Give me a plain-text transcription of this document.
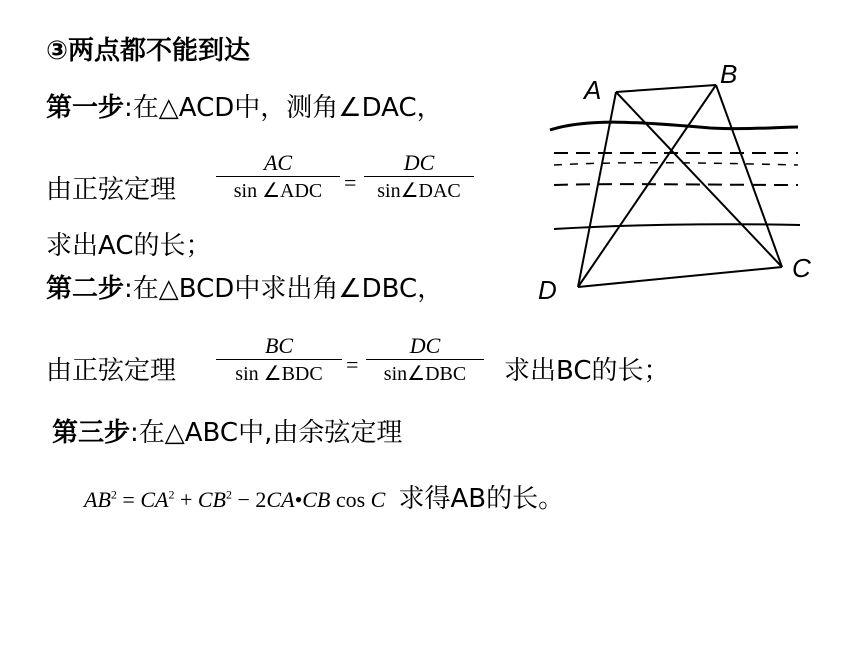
③两点都不能到达
第一步:在△ACD中，测角∠DAC，
由正弦定理
AC
sin ∠ADC =
DC
sin∠DAC
求出AC的长；
第二步:在△BCD中求出角∠DBC，
由正弦定理
BC
sin ∠BDC =
DC
sin∠DBC 求出BC的长；
第三步:在△ABC中,由余弦定理
$AB^2 = CA^2 + CB^2$ − 2CA•CB cos C 求得AB的长。
A
B
C
D
